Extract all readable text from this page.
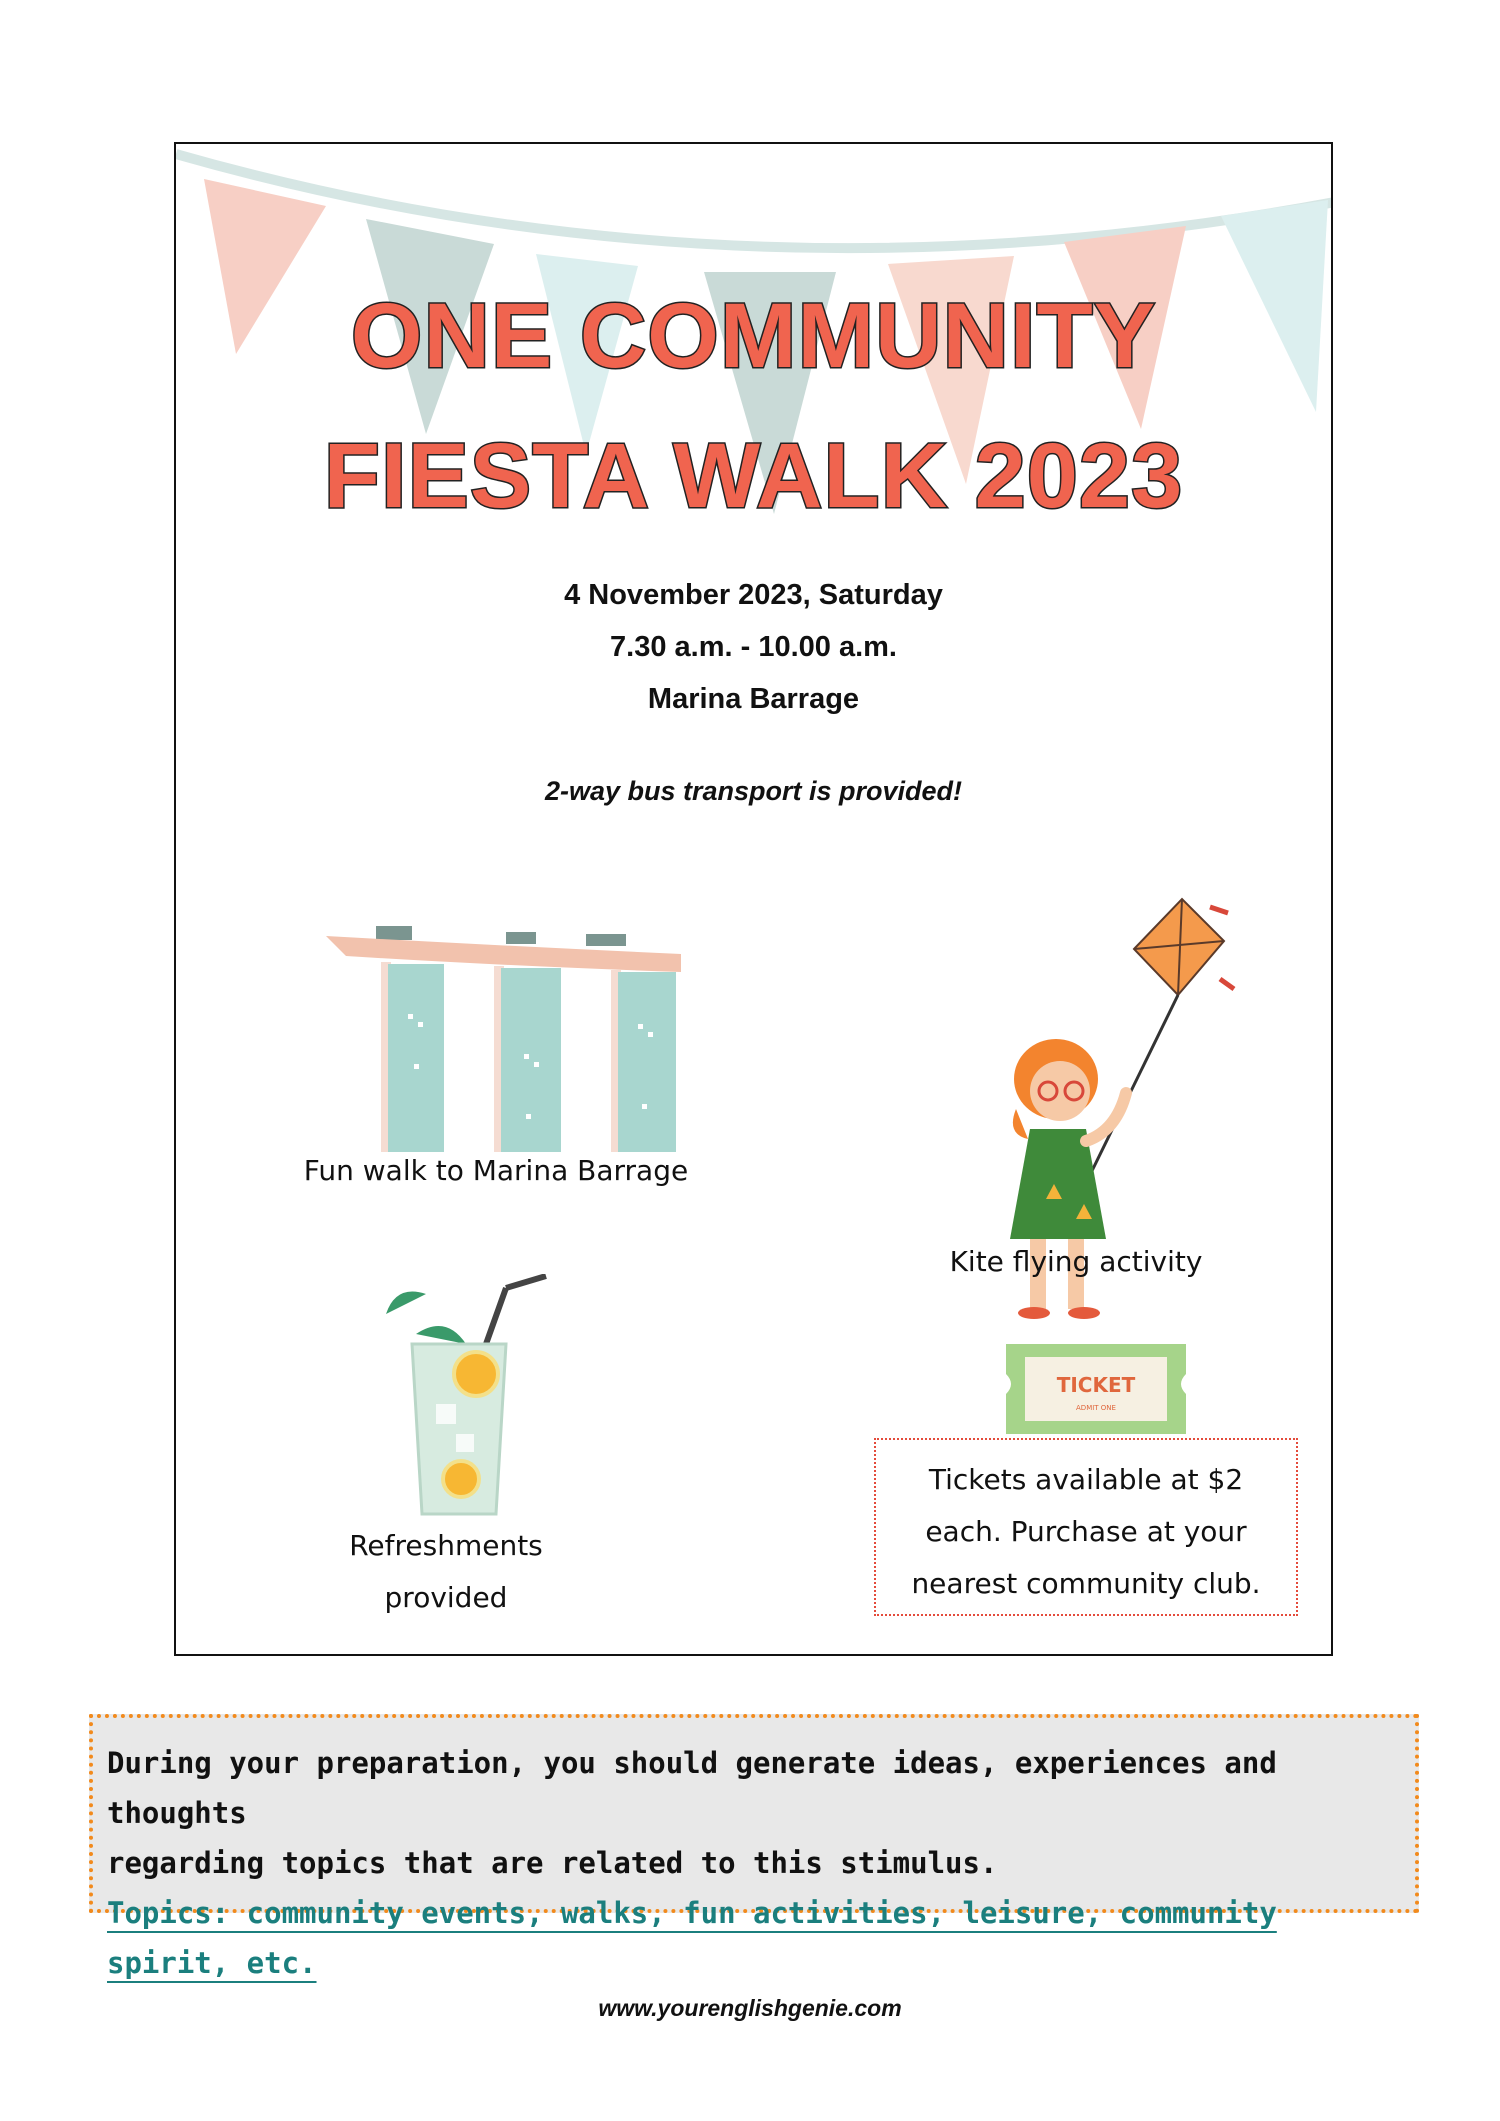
ONE COMMUNITY
FIESTA WALK 2023
4 November 2023, Saturday
7.30 a.m. - 10.00 a.m.
Marina Barrage
2-way bus transport is provided!
Fun walk to Marina Barrage
Kite flying activity
Refreshments
provided
TICKET
ADMIT ONE
Tickets available at $2
each. Purchase at your
nearest community club.
During your preparation, you should generate ideas, experiences and thoughts
regarding topics that are related to this stimulus.
Topics: community events, walks, fun activities, leisure, community spirit, etc.
www.yourenglishgenie.com
